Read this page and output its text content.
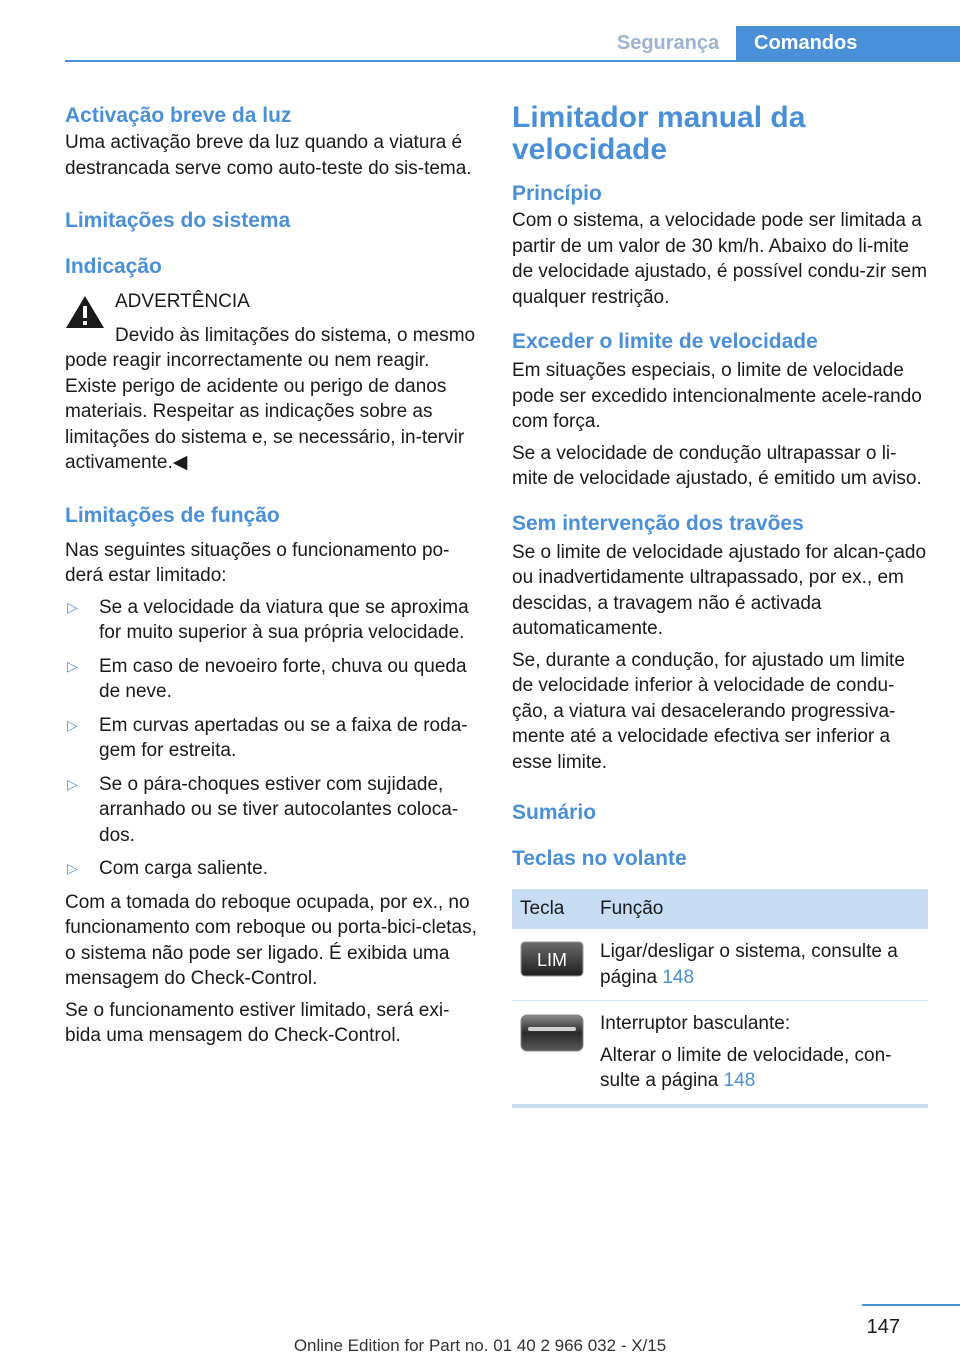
Segurança	Comandos
Activação breve da luz

Uma activação breve da luz quando a viatura é destrancada serve como auto-teste do sis-tema.

Limitações do sistema
Indicação

ADVERTÊNCIA

Devido às limitações do sistema, o mesmo pode reagir incorrectamente ou nem reagir. Existe perigo de acidente ou perigo de danos materiais. Respeitar as indicações sobre as limitações do sistema e, se necessário, in-tervir activamente.◀

Limitações de função

Nas seguintes situações o funcionamento po-derá estar limitado:

▷ Se a velocidade da viatura que se aproxima for muito superior à sua própria velocidade.
▷ Em caso de nevoeiro forte, chuva ou queda de neve.
▷ Em curvas apertadas ou se a faixa de roda-gem for estreita.
▷ Se o pára-choques estiver com sujidade, arranhado ou se tiver autocolantes coloca-dos.
▷ Com carga saliente.

Com a tomada do reboque ocupada, por ex., no funcionamento com reboque ou porta-bici-cletas, o sistema não pode ser ligado. É exibida uma mensagem do Check-Control.

Se o funcionamento estiver limitado, será exi-bida uma mensagem do Check-Control.

Limitador manual da velocidade
Princípio

Com o sistema, a velocidade pode ser limitada a partir de um valor de 30 km/h. Abaixo do li-mite de velocidade ajustado, é possível condu-zir sem qualquer restrição.

Exceder o limite de velocidade

Em situações especiais, o limite de velocidade pode ser excedido intencionalmente acele-rando com força.

Se a velocidade de condução ultrapassar o li-mite de velocidade ajustado, é emitido um aviso.

Sem intervenção dos travões

Se o limite de velocidade ajustado for alcan-çado ou inadvertidamente ultrapassado, por ex., em descidas, a travagem não é activada automaticamente.

Se, durante a condução, for ajustado um limite de velocidade inferior à velocidade de condu-ção, a viatura vai desacelerando progressiva-mente até a velocidade efectiva ser inferior a esse limite.

Sumário
Teclas no volante
Tecla	Função

LIM	Ligar/desligar o sistema, consulte a página 148

Interruptor basculante:
Alterar o limite de velocidade, con-sulte a página 148
147
Online Edition for Part no. 01 40 2 966 032 - X/15
